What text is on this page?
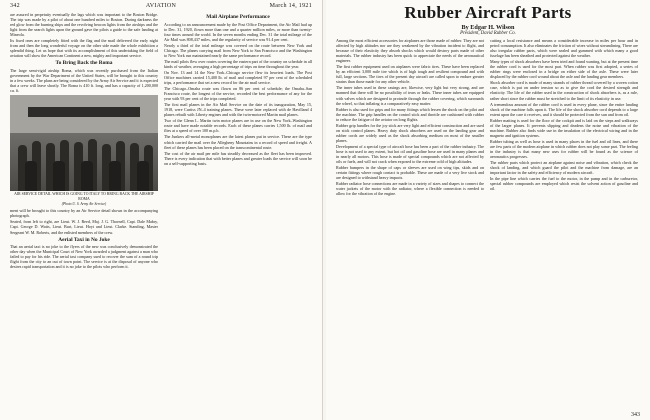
342	AVIATION	March 14, 1921

are assured in perpetuity eventually the lags which was important to the Boston Bridge. The trip was made by a pilot of about one hundred miles to Boston. During darkness the red glow from the burning ships and the revolving beacon lights from the airships and the light from the search lights upon the ground gave the pilots a guide to the safe landing at Mineola.

Its fixed ones are completely fitted with the flag and the mail delivered the early night from and then the long wonderful voyage on the other side made the whole exhibition a splendid thing. Let us hope that with its accomplishment of this undertaking the field of aviation will show the American Continent a new, mighty and important service.

To Bring Back the Roma

The large semi-rigid airship Roma, which was recently purchased from the Italian government by the War Department of the United States, will be brought to this country in a few weeks. The plans are being considered by the Army Air Service and it is expected that a crew will leave shortly. The Roma is 410 ft. long, and has a capacity of 1,200,000 cu. ft.

AIR SERVICE DETAIL WHICH IS GOING TO ITALY TO BRING BACK THE AIRSHIP ROMA
(Photo U. S. Army Air Service)

ment will be brought to this country by an Air Service detail shown in the accompanying photograph.

Seated, from left to right, are Lieut. W. J. Reed, Maj. J. G. Thornell, Capt. Dale Mabry, Capt. George D. Watts, Lieut. Burt, Lieut. Hoyt and Lieut. Clarke. Standing, Master Sergeant W. M. Roberts, and the enlisted members of the crew.

Aerial Taxi in No Joke

That an aerial taxi is no joke to the flyers of the new was conclusively demonstrated the other day when the Municipal Court of New York awarded a judgment against a man who failed to pay for his ride. The aerial taxi company sued to recover the sum of a round trip flight from the city to an out of town point. The service is at the disposal of anyone who desires rapid transportation and it is no joke to the pilots who perform it.

Mail Airplane Performance

According to an announcement made by the Post Office Department, the Air Mail had up to Dec. 31, 1920, flown more than one and a quarter million miles, or more than twenty-four times around the world. In the seven months ending Dec. 31 the total mileage of the Air Mail was 808,437 miles, and the regularity of service was 91.4 per cent.

Nearly a third of the total mileage was covered on the route between New York and Chicago. The planes carrying mail from New York to San Francisco and the Washington to New York run maintained nearly the same performance record.

The mail pilots flew over routes covering the eastern part of the country on schedule in all kinds of weather, averaging a high percentage of trips on time throughout the year.

On Nov. 13 and 14 the New York–Chicago service flew its heaviest loads. The Post Office machines carried 15,400 lb. of mail and completed 97 per cent of the scheduled trips, a performance that set a new record for the air mail service.

The Chicago–Omaha route was flown on 86 per cent of schedule; the Omaha–San Francisco route, the longest of the service, recorded the best performance of any for the year with 93 per cent of the trips completed.

The first mail planes in the Air Mail Service on the date of its inauguration, May 15, 1918, were Curtiss JN–4 training planes. These were later replaced with de Havilland 4 planes rebuilt with Liberty engines and with the twin-motored Martin mail planes.

Two of the Glenn L. Martin twin motor planes are in use on the New York–Washington route and have made notable records. Each of these planes carries 1,500 lb. of mail and flies at a speed of over 100 m.p.h.

The Junkers all-metal monoplanes are the latest planes put in service. These are the type which carried the mail over the Allegheny Mountains in a record of speed and freight. A fleet of these planes has been placed on the transcontinental route.

The cost of the air mail per mile has steadily decreased as the fleet has been improved. There is every indication that with better planes and greater loads the service will soon be on a self-supporting basis.

Rubber Aircraft Parts
By Edgar H. Wilson
President, David Rubber Co.

Among the most efficient accessories for airplanes are those made of rubber. They are not affected by high altitudes nor are they weakened by the vibration incident to flight, and because of their elasticity they absorb shocks which would destroy parts made of other materials. The rubber industry has been quick to appreciate the needs of the aeronautical engineer.

The first rubber equipment used on airplanes were fabric tires. These have been replaced by an efficient 3,000 mile tire which is of high tough and resilient compound and with full, large sections. The tires of the present day aircraft are called upon to endure greater strains than those made for any other vehicle.

The inner tubes used in these casings are, likewise, very light but very strong, and are manned that there will be no possibility of tears or leaks. These inner tubes are equipped with valves which are designed to protrude through the rubber covering, which surrounds the wheel, so that inflating is a comparatively easy matter.

Rubber is also used for grips and for many fittings which lessen the shock on the pilot and the machine. The grip handles on the control stick and throttle are cushioned with rubber to reduce the fatigue of the aviator on long flights.

Rubber grip handles for the joy stick are very light and efficient construction and are used on stick control planes. Heavy duty shock absorbers are used on the landing gear and rubber cords are widely used as the shock absorbing medium on most of the smaller planes.

Development of a special type of aircraft hose has been a part of the rubber industry. The hose is not used to any extent, but hot oil and gasoline hose are used in many planes and in nearly all motors. This hose is made of special compounds which are not affected by oils or fuels, and will not crack when exposed to the extreme cold of high altitudes.

Rubber bumpers in the shape of caps or sleeves are used on wing tips, skids and on certain fittings where rough contact is probable. These are made of a very live stock and are designed to withstand heavy impacts.

Rubber radiator hose connections are made in a variety of sizes and shapes to connect the water jackets of the motor with the radiator, where a flexible connection is needed to allow for the vibration of the engine.

cutting a local resistance and means a considerable increase in miles per hour and in petrol consumption. It also eliminates the friction of wires without streamlining. There are also irregular rubber parts, which were sealed and gummed with which many a good fuselage has been sheathed and protected against the weather.

Many types of shock absorbers have been tried and found wanting, but at the present time the rubber cord is used for the most part. When rubber was first adopted, a series of rubber rings were enclosed in a bridge on either side of the axle. These were later displaced by the rubber cord wound about the axle and the landing gear members.

Shock absorber cord is made of many strands of rubber thread covered by a woven cotton case, which is put on under tension so as to give the cord the desired strength and elasticity. The life of the rubber used in the construction of shock absorbers is, as a rule, rather short since the rubber must be stretched to the limit of its elasticity in use.

A tremendous amount of the rubber cord is used in every plane, since the entire landing shock of the machine falls upon it. The life of the shock absorber cord depends to a large extent upon the care it receives, and it should be protected from the sun and from oil.

Rubber matting is used for the floor of the cockpit and is laid on the steps and walkways of the larger planes. It prevents slipping and deadens the noise and vibration of the machine. Rubber also finds wide use in the insulation of the electrical wiring and in the magneto and ignition systems.

Rubber tubing as well as hose is used in many places in the fuel and oil lines, and there are few parts of the modern airplane in which rubber does not play some part. The feeling in the industry is that many new uses for rubber will be found as the science of aeronautics progresses.

The rubber parts which protect an airplane against noise and vibration, which check the shock of landing, and which guard the pilot and the machine from damage, are an important factor in the safety and efficiency of modern aircraft.

In the pipe line which carries the fuel to the motor, in the pump and in the carburetor, special rubber compounds are employed which resist the solvent action of gasoline and oil.

343
